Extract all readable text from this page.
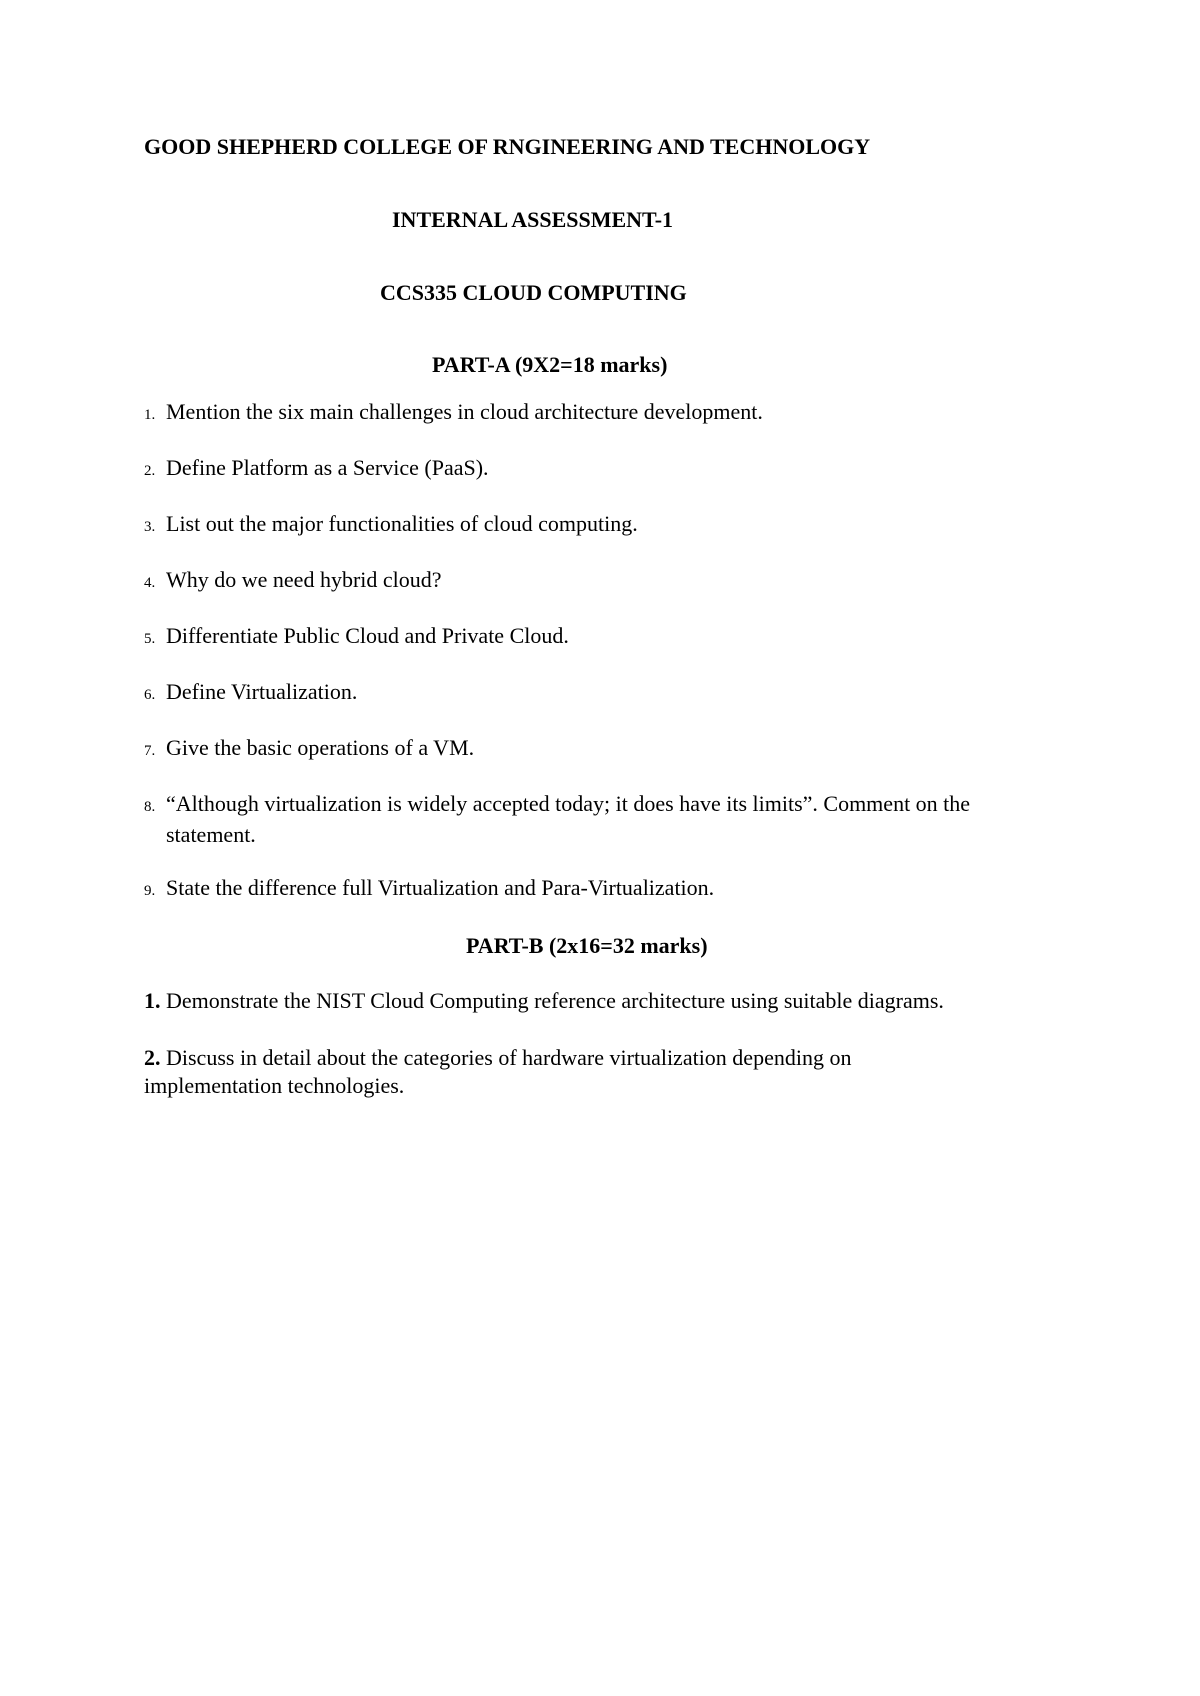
GOOD SHEPHERD COLLEGE OF RNGINEERING AND TECHNOLOGY
INTERNAL ASSESSMENT-1
CCS335 CLOUD COMPUTING
PART-A (9X2=18 marks)
1. Mention the six main challenges in cloud architecture development.
2. Define Platform as a Service (PaaS).
3. List out the major functionalities of cloud computing.
4. Why do we need hybrid cloud?
5. Differentiate Public Cloud and Private Cloud.
6. Define Virtualization.
7. Give the basic operations of a VM.
8. “Although virtualization is widely accepted today; it does have its limits”. Comment on the
statement.
9. State the difference full Virtualization and Para-Virtualization.
PART-B (2x16=32 marks)
1. Demonstrate the NIST Cloud Computing reference architecture using suitable diagrams.
2. Discuss in detail about the categories of hardware virtualization depending on
implementation technologies.
